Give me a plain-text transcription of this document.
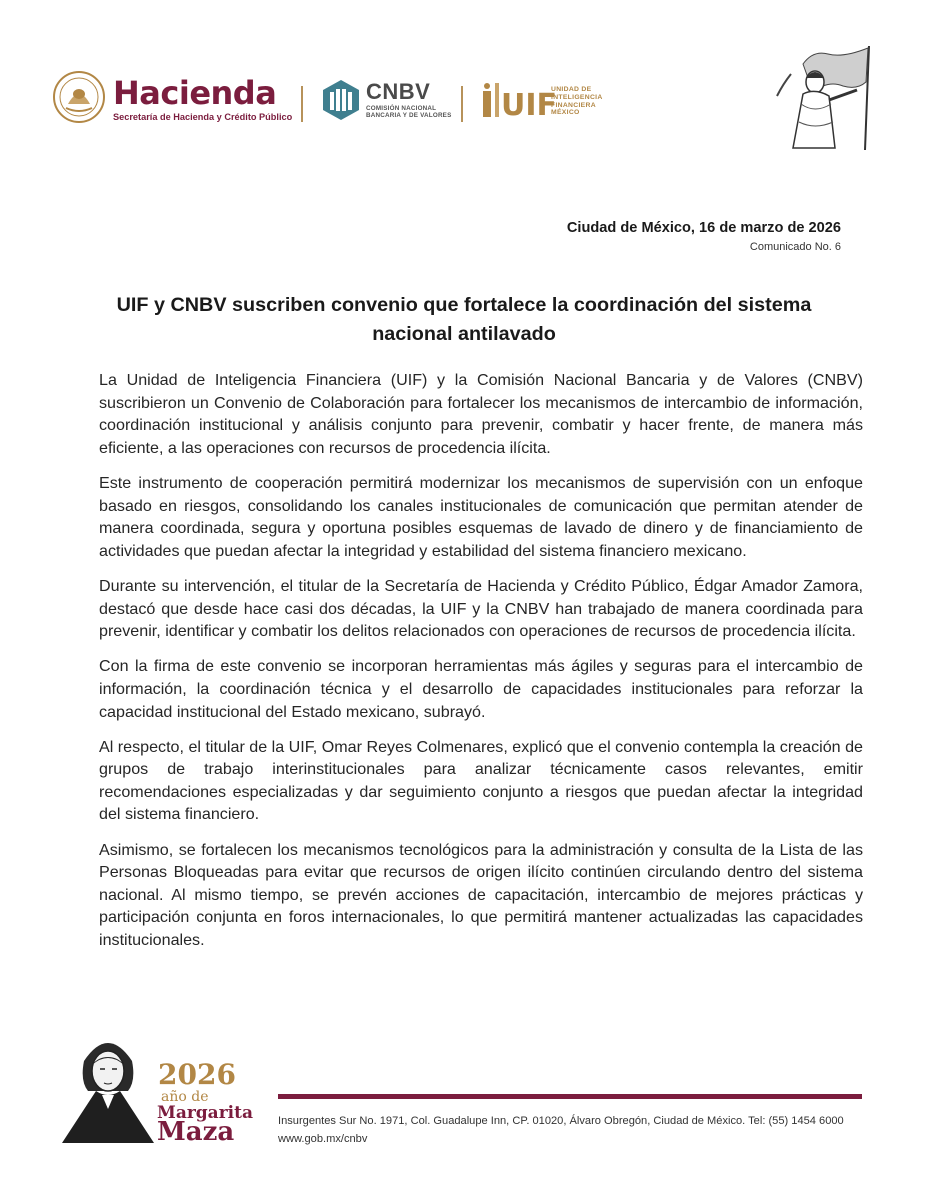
Hacienda
Secretaría de Hacienda y Crédito Público
CNBV
COMISIÓN NACIONAL
BANCARIA Y DE VALORES UIF
UNIDAD DE
INTELIGENCIA
FINANCIERA
MÉXICO
Ciudad de México, 16 de marzo de 2026
Comunicado No. 6
UIF y CNBV suscriben convenio que fortalece la coordinación del sistema nacional antilavado

La Unidad de Inteligencia Financiera (UIF) y la Comisión Nacional Bancaria y de Valores (CNBV) suscribieron un Convenio de Colaboración para fortalecer los mecanismos de intercambio de información, coordinación institucional y análisis conjunto para prevenir, combatir y hacer frente, de manera más eficiente, a las operaciones con recursos de procedencia ilícita.

Este instrumento de cooperación permitirá modernizar los mecanismos de supervisión con un enfoque basado en riesgos, consolidando los canales institucionales de comunicación que permitan atender de manera coordinada, segura y oportuna posibles esquemas de lavado de dinero y de financiamiento de actividades que puedan afectar la integridad y estabilidad del sistema financiero mexicano.

Durante su intervención, el titular de la Secretaría de Hacienda y Crédito Público, Édgar Amador Zamora, destacó que desde hace casi dos décadas, la UIF y la CNBV han trabajado de manera coordinada para prevenir, identificar y combatir los delitos relacionados con operaciones de recursos de procedencia ilícita.

Con la firma de este convenio se incorporan herramientas más ágiles y seguras para el intercambio de información, la coordinación técnica y el desarrollo de capacidades institucionales para reforzar la capacidad institucional del Estado mexicano, subrayó.

Al respecto, el titular de la UIF, Omar Reyes Colmenares, explicó que el convenio contempla la creación de grupos de trabajo interinstitucionales para analizar técnicamente casos relevantes, emitir recomendaciones especializadas y dar seguimiento conjunto a riesgos que puedan afectar la integridad del sistema financiero.

Asimismo, se fortalecen los mecanismos tecnológicos para la administración y consulta de la Lista de las Personas Bloqueadas para evitar que recursos de origen ilícito continúen circulando dentro del sistema nacional. Al mismo tiempo, se prevén acciones de capacitación, intercambio de mejores prácticas y participación conjunta en foros internacionales, lo que permitirá mantener actualizadas las capacidades institucionales.

2026
año de
Margarita
Maza	Insurgentes Sur No. 1971, Col. Guadalupe Inn, CP. 01020, Álvaro Obregón, Ciudad de México. Tel: (55) 1454 6000
www.gob.mx/cnbv
